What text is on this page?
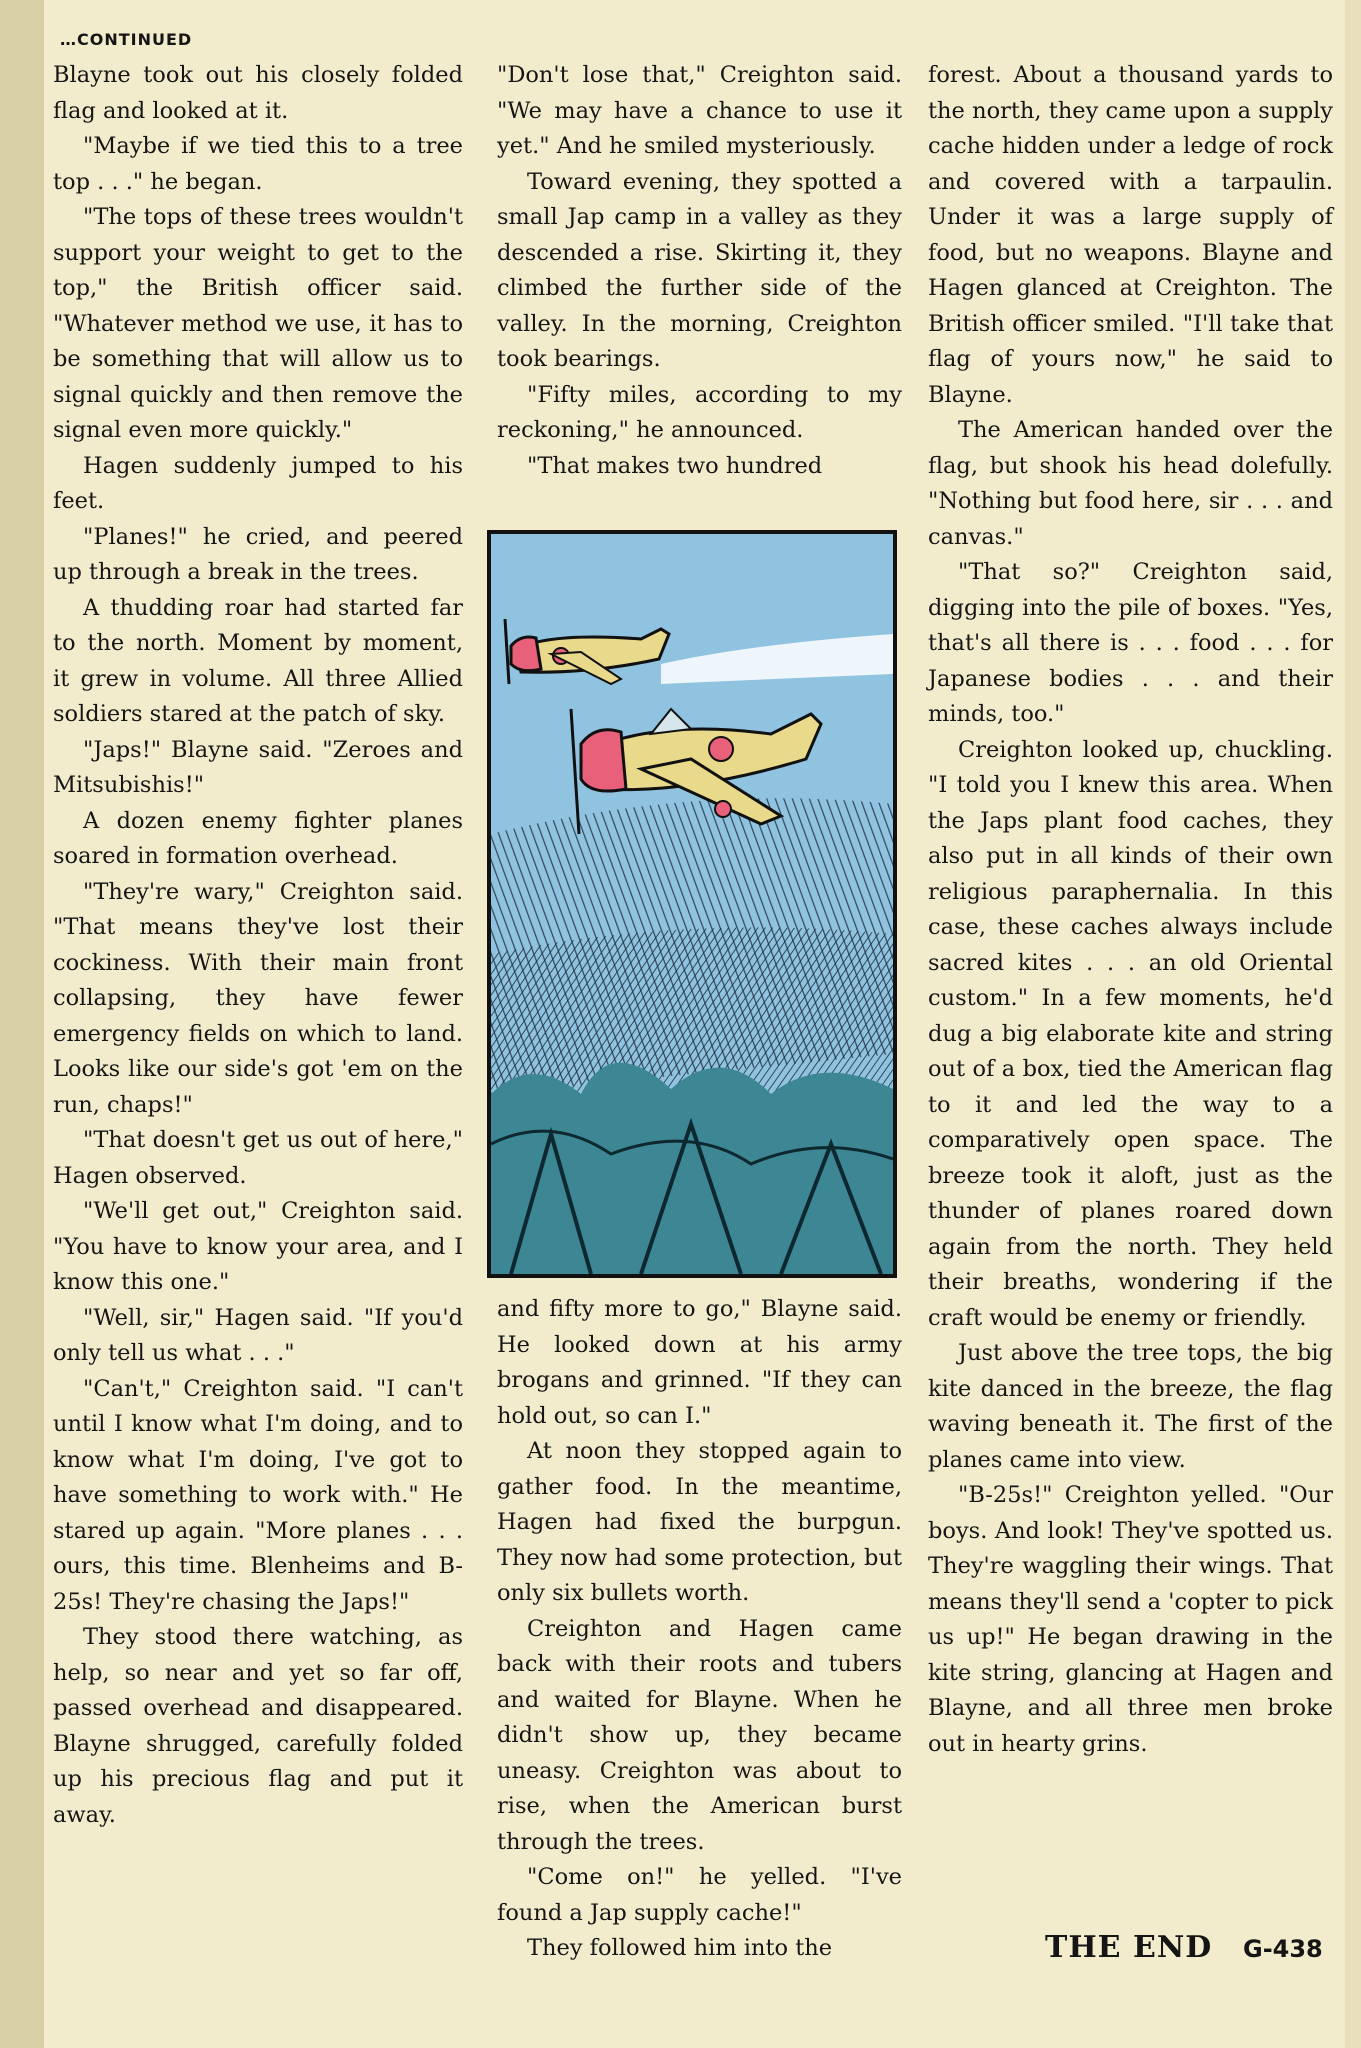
…CONTINUED

Blayne took out his closely folded flag and looked at it.

"Maybe if we tied this to a tree top . . ." he began.

"The tops of these trees wouldn't support your weight to get to the top," the British officer said. "Whatever method we use, it has to be something that will allow us to signal quickly and then remove the signal even more quickly."

Hagen suddenly jumped to his feet.

"Planes!" he cried, and peered up through a break in the trees.

A thudding roar had started far to the north. Moment by moment, it grew in volume. All three Allied soldiers stared at the patch of sky.

"Japs!" Blayne said. "Zeroes and Mitsubishis!"

A dozen enemy fighter planes soared in formation overhead.

"They're wary," Creighton said. "That means they've lost their cockiness. With their main front collapsing, they have fewer emergency fields on which to land. Looks like our side's got 'em on the run, chaps!"

"That doesn't get us out of here," Hagen observed.

"We'll get out," Creighton said. "You have to know your area, and I know this one."

"Well, sir," Hagen said. "If you'd only tell us what . . ."

"Can't," Creighton said. "I can't until I know what I'm doing, and to know what I'm doing, I've got to have something to work with." He stared up again. "More planes . . . ours, this time. Blenheims and B-25s! They're chasing the Japs!"

They stood there watching, as help, so near and yet so far off, passed overhead and disappeared. Blayne shrugged, carefully folded up his precious flag and put it away.

"Don't lose that," Creighton said. "We may have a chance to use it yet." And he smiled mysteriously.

Toward evening, they spotted a small Jap camp in a valley as they descended a rise. Skirting it, they climbed the further side of the valley. In the morning, Creighton took bearings.

"Fifty miles, according to my reckoning," he announced.

"That makes two hundred

and fifty more to go," Blayne said. He looked down at his army brogans and grinned. "If they can hold out, so can I."

At noon they stopped again to gather food. In the meantime, Hagen had fixed the burpgun. They now had some protection, but only six bullets worth.

Creighton and Hagen came back with their roots and tubers and waited for Blayne. When he didn't show up, they became uneasy. Creighton was about to rise, when the American burst through the trees.

"Come on!" he yelled. "I've found a Jap supply cache!"

They followed him into the

forest. About a thousand yards to the north, they came upon a supply cache hidden under a ledge of rock and covered with a tarpaulin. Under it was a large supply of food, but no weapons. Blayne and Hagen glanced at Creighton. The British officer smiled. "I'll take that flag of yours now," he said to Blayne.

The American handed over the flag, but shook his head dolefully. "Nothing but food here, sir . . . and canvas."

"That so?" Creighton said, digging into the pile of boxes. "Yes, that's all there is . . . food . . . for Japanese bodies . . . and their minds, too."

Creighton looked up, chuckling. "I told you I knew this area. When the Japs plant food caches, they also put in all kinds of their own religious paraphernalia. In this case, these caches always include sacred kites . . . an old Oriental custom." In a few moments, he'd dug a big elaborate kite and string out of a box, tied the American flag to it and led the way to a comparatively open space. The breeze took it aloft, just as the thunder of planes roared down again from the north. They held their breaths, wondering if the craft would be enemy or friendly.

Just above the tree tops, the big kite danced in the breeze, the flag waving beneath it. The first of the planes came into view.

"B-25s!" Creighton yelled. "Our boys. And look! They've spotted us. They're waggling their wings. That means they'll send a 'copter to pick us up!" He began drawing in the kite string, glancing at Hagen and Blayne, and all three men broke out in hearty grins.

THE END G-438
